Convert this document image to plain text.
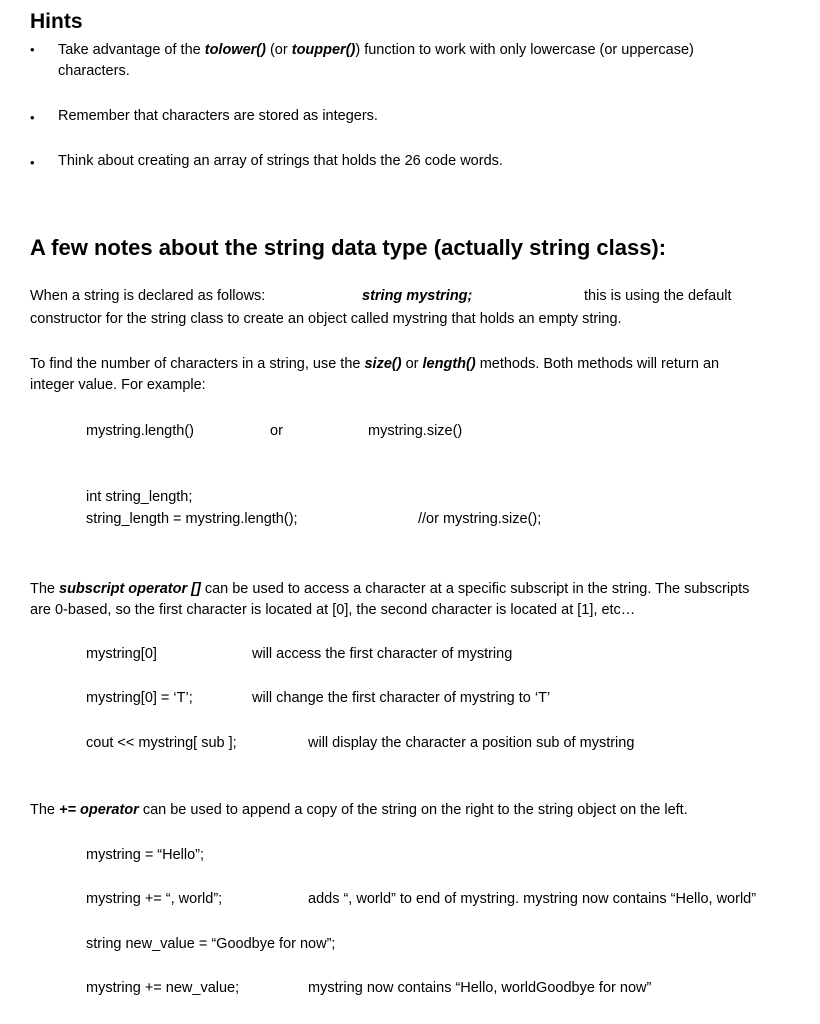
Hints
• Take advantage of the tolower() (or toupper()) function to work with only lowercase (or uppercase)
characters.
• Remember that characters are stored as integers.
• Think about creating an array of strings that holds the 26 code words.
A few notes about the string data type (actually string class):
When a string is declared as follows:	string mystring;	this is using the default
constructor for the string class to create an object called mystring that holds an empty string.
To find the number of characters in a string, use the size() or length() methods. Both methods will return an
integer value. For example:
mystring.length()	or	mystring.size()
int string_length;
string_length = mystring.length();	//or mystring.size();
The subscript operator [] can be used to access a character at a specific subscript in the string. The subscripts
are 0-based, so the first character is located at [0], the second character is located at [1], etc…
mystring[0]	will access the first character of mystring
mystring[0] = ‘T’;	will change the first character of mystring to ‘T’
cout << mystring[ sub ];	will display the character a position sub of mystring
The += operator can be used to append a copy of the string on the right to the string object on the left.
mystring = “Hello”;
mystring += “, world”;	adds “, world” to end of mystring. mystring now contains “Hello, world”
string new_value = “Goodbye for now”;
mystring += new_value;	mystring now contains “Hello, worldGoodbye for now”
